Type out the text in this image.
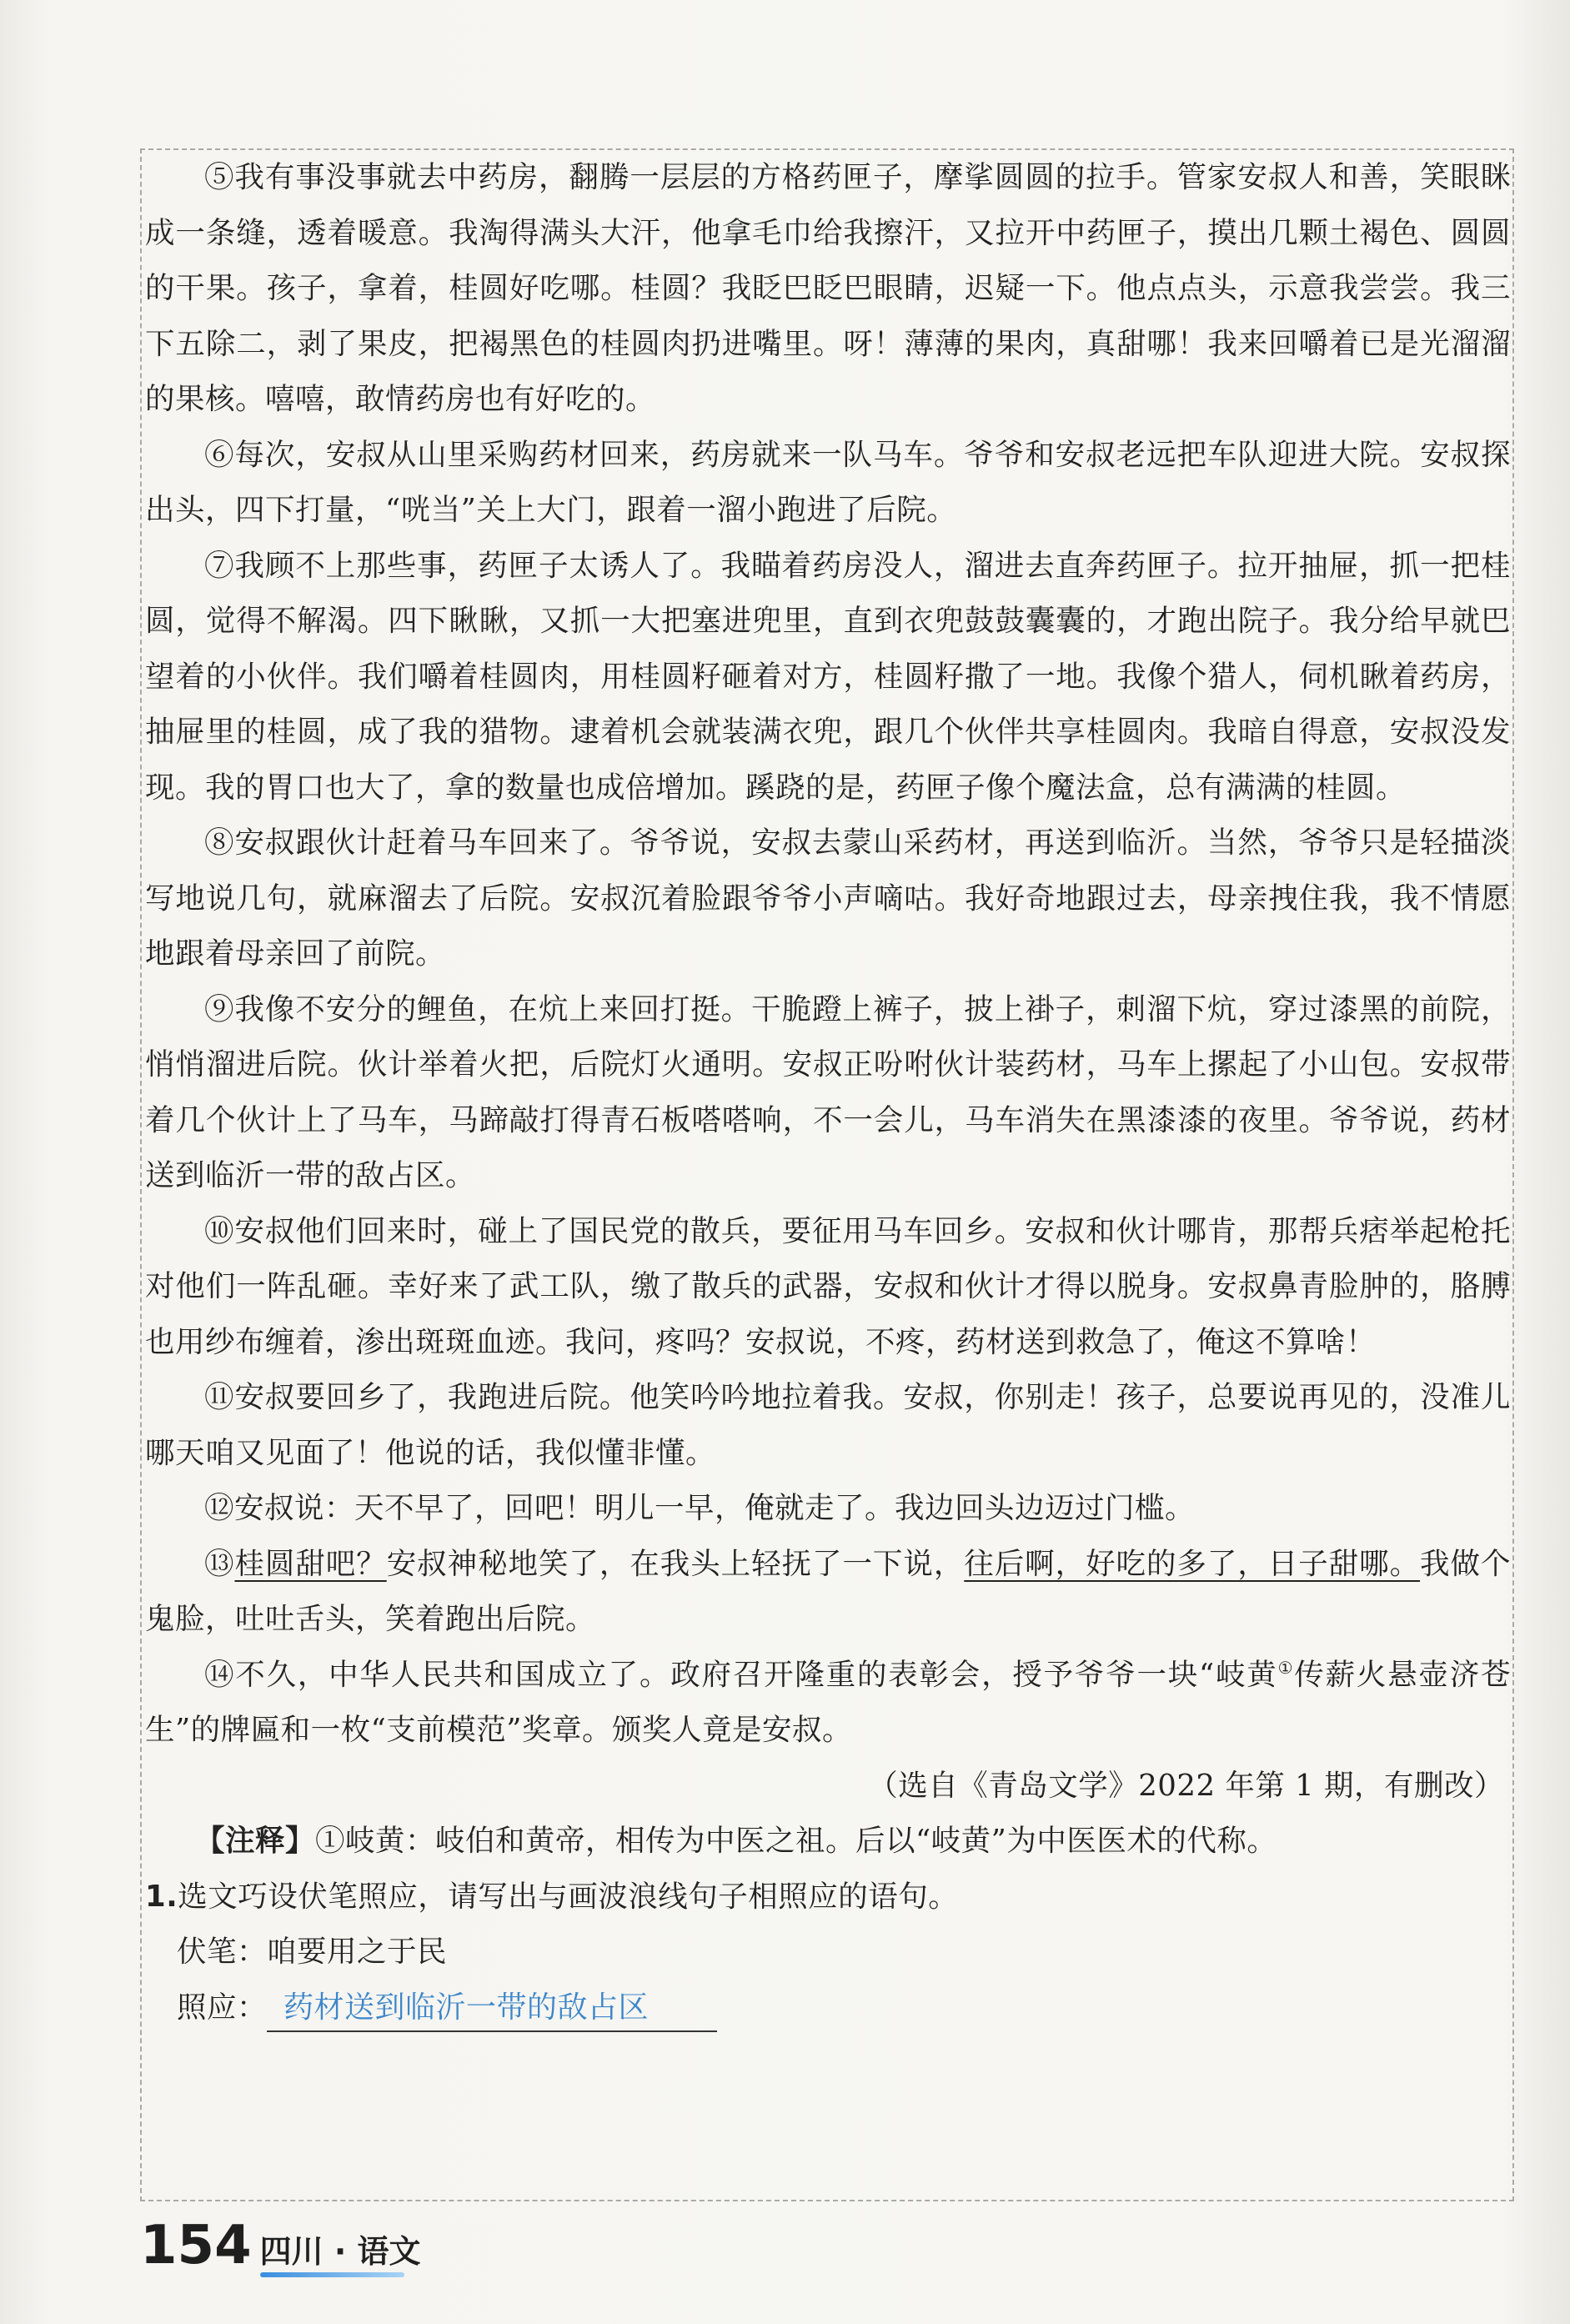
⑤我有事没事就去中药房，翻腾一层层的方格药匣子，摩挲圆圆的拉手。管家安叔人和善，笑眼眯成一条缝，透着暖意。我淘得满头大汗，他拿毛巾给我擦汗，又拉开中药匣子，摸出几颗土褐色、圆圆的干果。孩子，拿着，桂圆好吃哪。桂圆？我眨巴眨巴眼睛，迟疑一下。他点点头，示意我尝尝。我三下五除二，剥了果皮，把褐黑色的桂圆肉扔进嘴里。呀！薄薄的果肉，真甜哪！我来回嚼着已是光溜溜的果核。嘻嘻，敢情药房也有好吃的。

⑥每次，安叔从山里采购药材回来，药房就来一队马车。爷爷和安叔老远把车队迎进大院。安叔探出头，四下打量，“咣当”关上大门，跟着一溜小跑进了后院。

⑦我顾不上那些事，药匣子太诱人了。我瞄着药房没人，溜进去直奔药匣子。拉开抽屉，抓一把桂圆，觉得不解渴。四下瞅瞅，又抓一大把塞进兜里，直到衣兜鼓鼓囊囊的，才跑出院子。我分给早就巴望着的小伙伴。我们嚼着桂圆肉，用桂圆籽砸着对方，桂圆籽撒了一地。我像个猎人，伺机瞅着药房，抽屉里的桂圆，成了我的猎物。逮着机会就装满衣兜，跟几个伙伴共享桂圆肉。我暗自得意，安叔没发现。我的胃口也大了，拿的数量也成倍增加。蹊跷的是，药匣子像个魔法盒，总有满满的桂圆。

⑧安叔跟伙计赶着马车回来了。爷爷说，安叔去蒙山采药材，再送到临沂。当然，爷爷只是轻描淡写地说几句，就麻溜去了后院。安叔沉着脸跟爷爷小声嘀咕。我好奇地跟过去，母亲拽住我，我不情愿地跟着母亲回了前院。

⑨我像不安分的鲤鱼，在炕上来回打挺。干脆蹬上裤子，披上褂子，刺溜下炕，穿过漆黑的前院，悄悄溜进后院。伙计举着火把，后院灯火通明。安叔正吩咐伙计装药材，马车上摞起了小山包。安叔带着几个伙计上了马车，马蹄敲打得青石板嗒嗒响，不一会儿，马车消失在黑漆漆的夜里。爷爷说，药材送到临沂一带的敌占区。

⑩安叔他们回来时，碰上了国民党的散兵，要征用马车回乡。安叔和伙计哪肯，那帮兵痞举起枪托对他们一阵乱砸。幸好来了武工队，缴了散兵的武器，安叔和伙计才得以脱身。安叔鼻青脸肿的，胳膊也用纱布缠着，渗出斑斑血迹。我问，疼吗？安叔说，不疼，药材送到救急了，俺这不算啥！

⑪安叔要回乡了，我跑进后院。他笑吟吟地拉着我。安叔，你别走！孩子，总要说再见的，没准儿哪天咱又见面了！他说的话，我似懂非懂。

⑫安叔说：天不早了，回吧！明儿一早，俺就走了。我边回头边迈过门槛。

⑬桂圆甜吧？安叔神秘地笑了，在我头上轻抚了一下说，往后啊，好吃的多了，日子甜哪。我做个鬼脸，吐吐舌头，笑着跑出后院。

⑭不久，中华人民共和国成立了。政府召开隆重的表彰会，授予爷爷一块“岐黄①传薪火悬壶济苍生”的牌匾和一枚“支前模范”奖章。颁奖人竟是安叔。

（选自《青岛文学》2022 年第 1 期，有删改）

【注释】①岐黄：岐伯和黄帝，相传为中医之祖。后以“岐黄”为中医医术的代称。

1.选文巧设伏笔照应，请写出与画波浪线句子相照应的语句。

伏笔：咱要用之于民

照应： 药材送到临沂一带的敌占区

154 四川 · 语文
